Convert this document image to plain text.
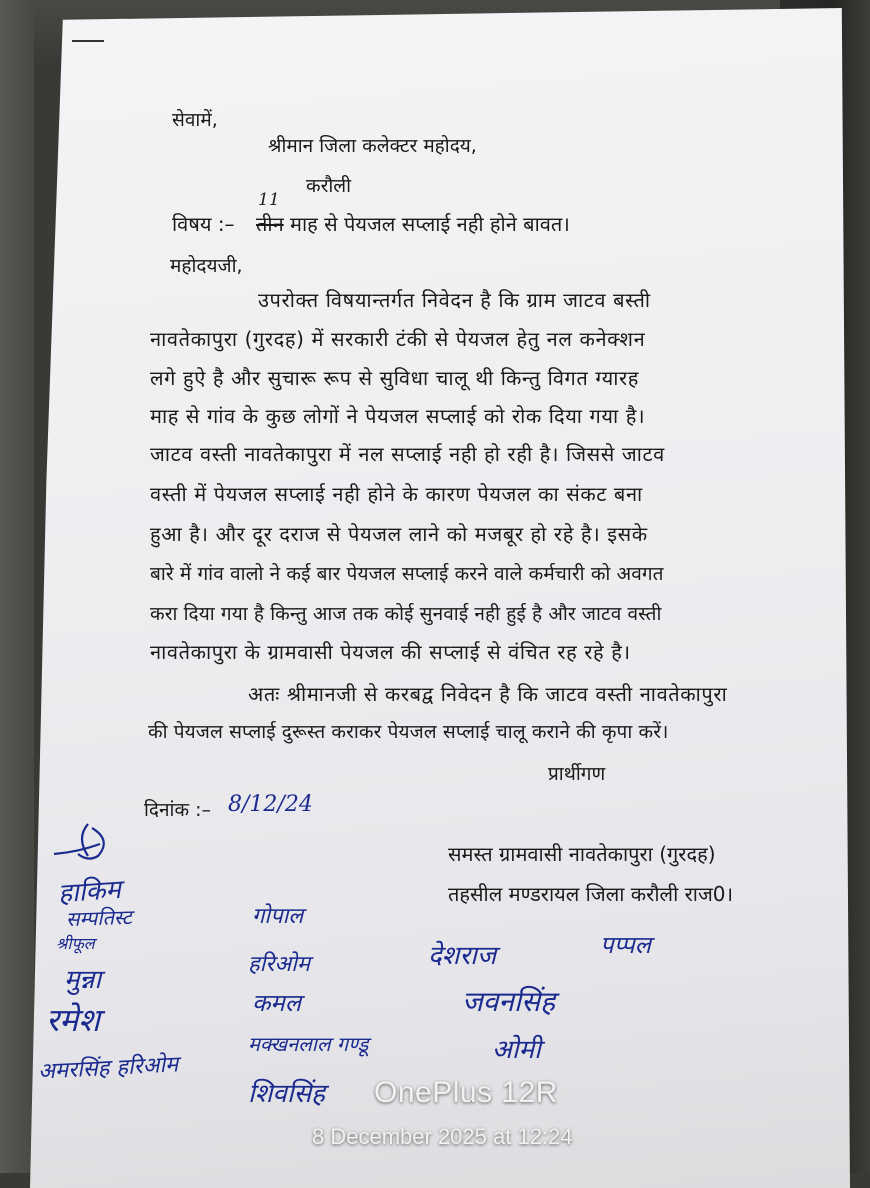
सेवामें,
श्रीमान जिला कलेक्टर महोदय,
करौली
विषय :– तीन
11
माह से पेयजल सप्लाई नही होने बावत।
महोदयजी,
उपरोक्त विषयान्तर्गत निवेदन है कि ग्राम जाटव बस्ती
नावतेकापुरा (गुरदह) में सरकारी टंकी से पेयजल हेतु नल कनेक्शन
लगे हुऐ है और सुचारू रूप से सुविधा चालू थी किन्तु विगत ग्यारह
माह से गांव के कुछ लोगों ने पेयजल सप्लाई को रोक दिया गया है।
जाटव वस्ती नावतेकापुरा में नल सप्लाई नही हो रही है। जिससे जाटव
वस्ती में पेयजल सप्लाई नही होने के कारण पेयजल का संकट बना
हुआ है। और दूर दराज से पेयजल लाने को मजबूर हो रहे है। इसके
बारे में गांव वालो ने कई बार पेयजल सप्लाई करने वाले कर्मचारी को अवगत
करा दिया गया है किन्तु आज तक कोई सुनवाई नही हुई है और जाटव वस्ती
नावतेकापुरा के ग्रामवासी पेयजल की सप्लाई से वंचित रह रहे है।
अतः श्रीमानजी से करबद्व निवेदन है कि जाटव वस्ती नावतेकापुरा
की पेयजल सप्लाई दुरूस्त कराकर पेयजल सप्लाई चालू कराने की कृपा करें।
प्रार्थीगण
दिनांक :– 8/12/24
समस्त ग्रामवासी नावतेकापुरा (गुरदह)
तहसील मण्डरायल जिला करौली राज0।
हाकिम
सम्पतिस्ट
श्रीफूल
मुन्ना
रमेश
अमरसिंह हरिओम
गोपाल
हरिओम
कमल
मक्खनलाल गण्डू
शिवसिंह
देशराज	पप्पल
जवनसिंह
ओमी
OnePlus 12R
8 December 2025 at 12:24
